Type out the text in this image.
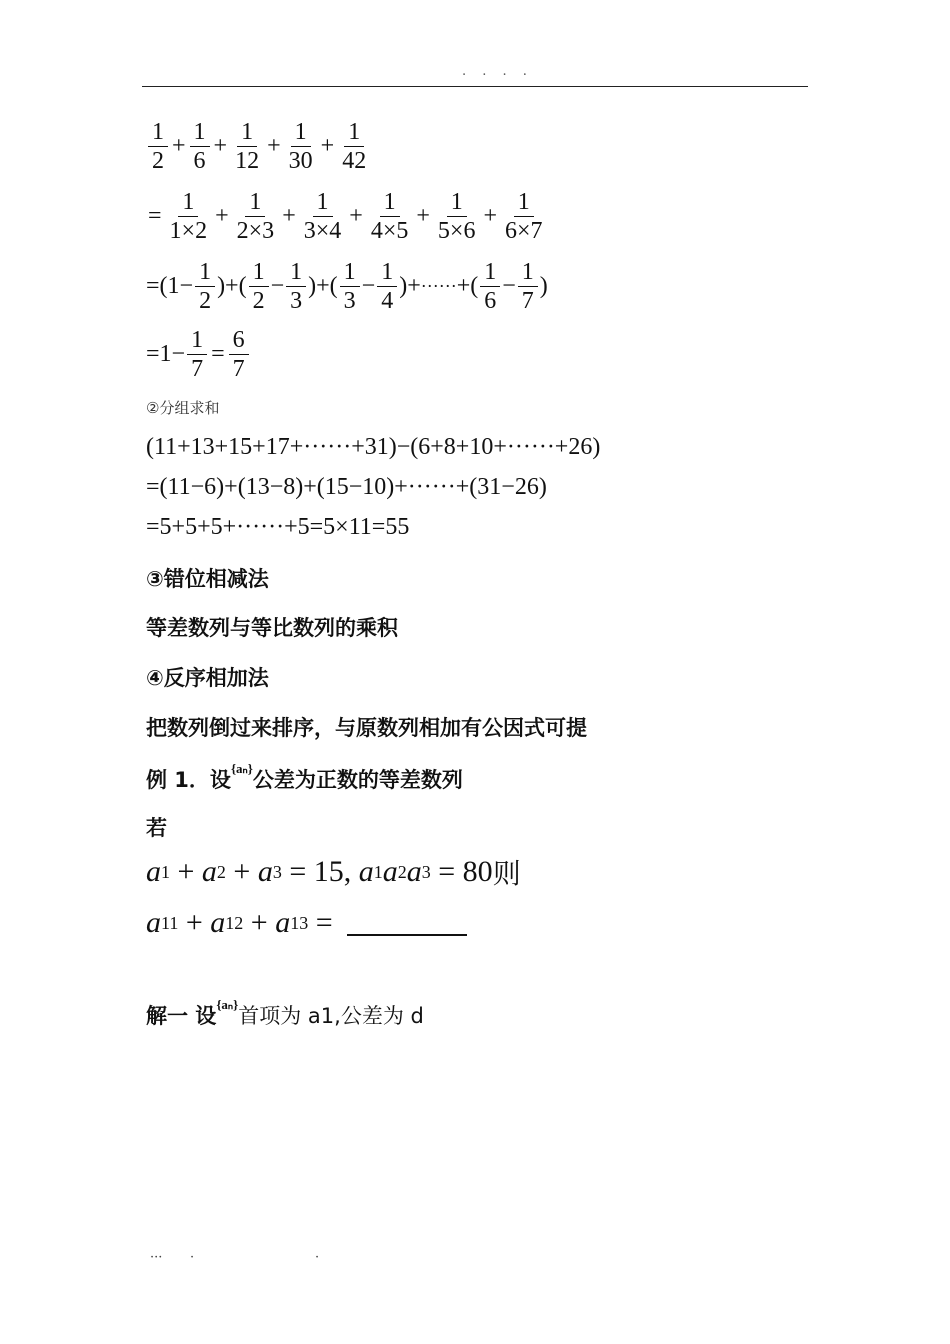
. . . .
$\frac{1}{2} + \frac{1}{6} + \frac{1}{12} + \frac{1}{30} + \frac{1}{42}$
= $\frac{1}{1\times 2} + \frac{1}{2\times 3} + \frac{1}{3\times 4} + \frac{1}{4\times 5} + \frac{1}{5\times 6} + \frac{1}{6\times 7}$
$=(1- \frac{1}{2}$ )+( $\frac{1}{2} - \frac{1}{3}$ )+( $\frac{1}{3} - \frac{1}{4}$ )+ ······ +( $\frac{1}{6} - \frac{1}{7}$ )
$=1- \frac{1}{7} = \frac{6}{7}$
②分组求和
(11+13+15+17+······+31)−(6+8+10+······+26)
=(11−6)+(13−8)+(15−10)+······+(31−26)
=5+5+5+······+5=5×11=55
③错位相减法
等差数列与等比数列的乘积
④反序相加法
把数列倒过来排序，与原数列相加有公因式可提
例 1．设 {aₙ} 公差为正数的等差数列
若
a 1 + a 2 + a 3 = 15, a 1 a 2 a 3 = 80 则
a 11 + a 12 + a 13 =
解一 设 {aₙ} 首项为 a1,公差为 d
··· ·	·
